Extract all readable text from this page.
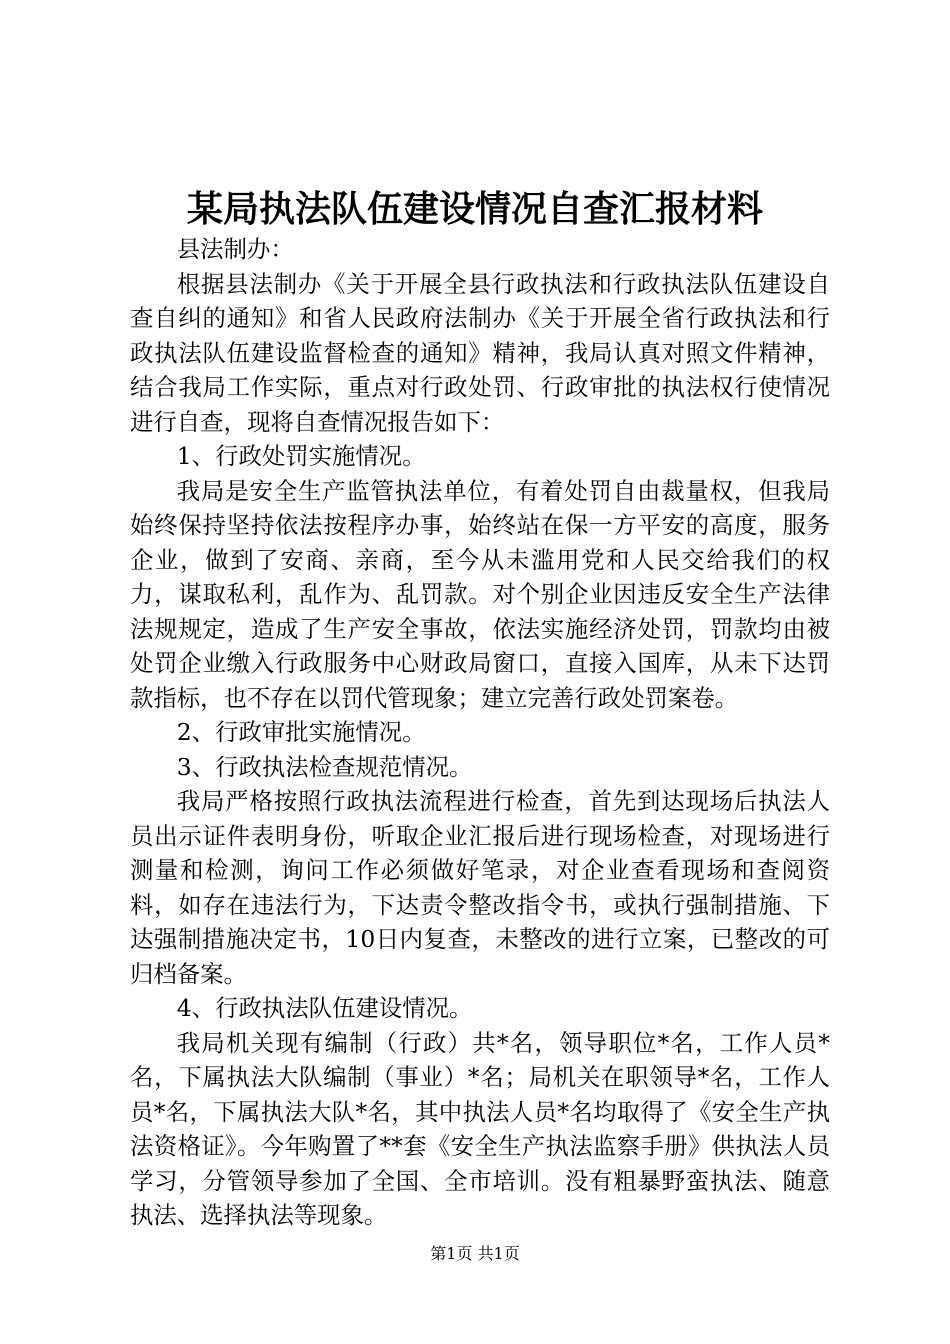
某局执法队伍建设情况自查汇报材料

县法制办：

根据县法制办《关于开展全县行政执法和行政执法队伍建设自查自纠的通知》和省人民政府法制办《关于开展全省行政执法和行政执法队伍建设监督检查的通知》精神，我局认真对照文件精神，结合我局工作实际，重点对行政处罚、行政审批的执法权行使情况进行自查，现将自查情况报告如下：

1、行政处罚实施情况。

我局是安全生产监管执法单位，有着处罚自由裁量权，但我局始终保持坚持依法按程序办事，始终站在保一方平安的高度，服务企业，做到了安商、亲商，至今从未滥用党和人民交给我们的权力，谋取私利，乱作为、乱罚款。对个别企业因违反安全生产法律法规规定，造成了生产安全事故，依法实施经济处罚，罚款均由被处罚企业缴入行政服务中心财政局窗口，直接入国库，从未下达罚款指标，也不存在以罚代管现象；建立完善行政处罚案卷。

2、行政审批实施情况。

3、行政执法检查规范情况。

我局严格按照行政执法流程进行检查，首先到达现场后执法人员出示证件表明身份，听取企业汇报后进行现场检查，对现场进行测量和检测，询问工作必须做好笔录，对企业查看现场和查阅资料，如存在违法行为，下达责令整改指令书，或执行强制措施、下达强制措施决定书，10日内复查，未整改的进行立案，已整改的可归档备案。

4、行政执法队伍建设情况。

我局机关现有编制（行政）共*名，领导职位*名，工作人员*名，下属执法大队编制（事业）*名；局机关在职领导*名，工作人员*名，下属执法大队*名，其中执法人员*名均取得了《安全生产执法资格证》。今年购置了**套《安全生产执法监察手册》供执法人员学习，分管领导参加了全国、全市培训。没有粗暴野蛮执法、随意执法、选择执法等现象。

第1页 共1页
